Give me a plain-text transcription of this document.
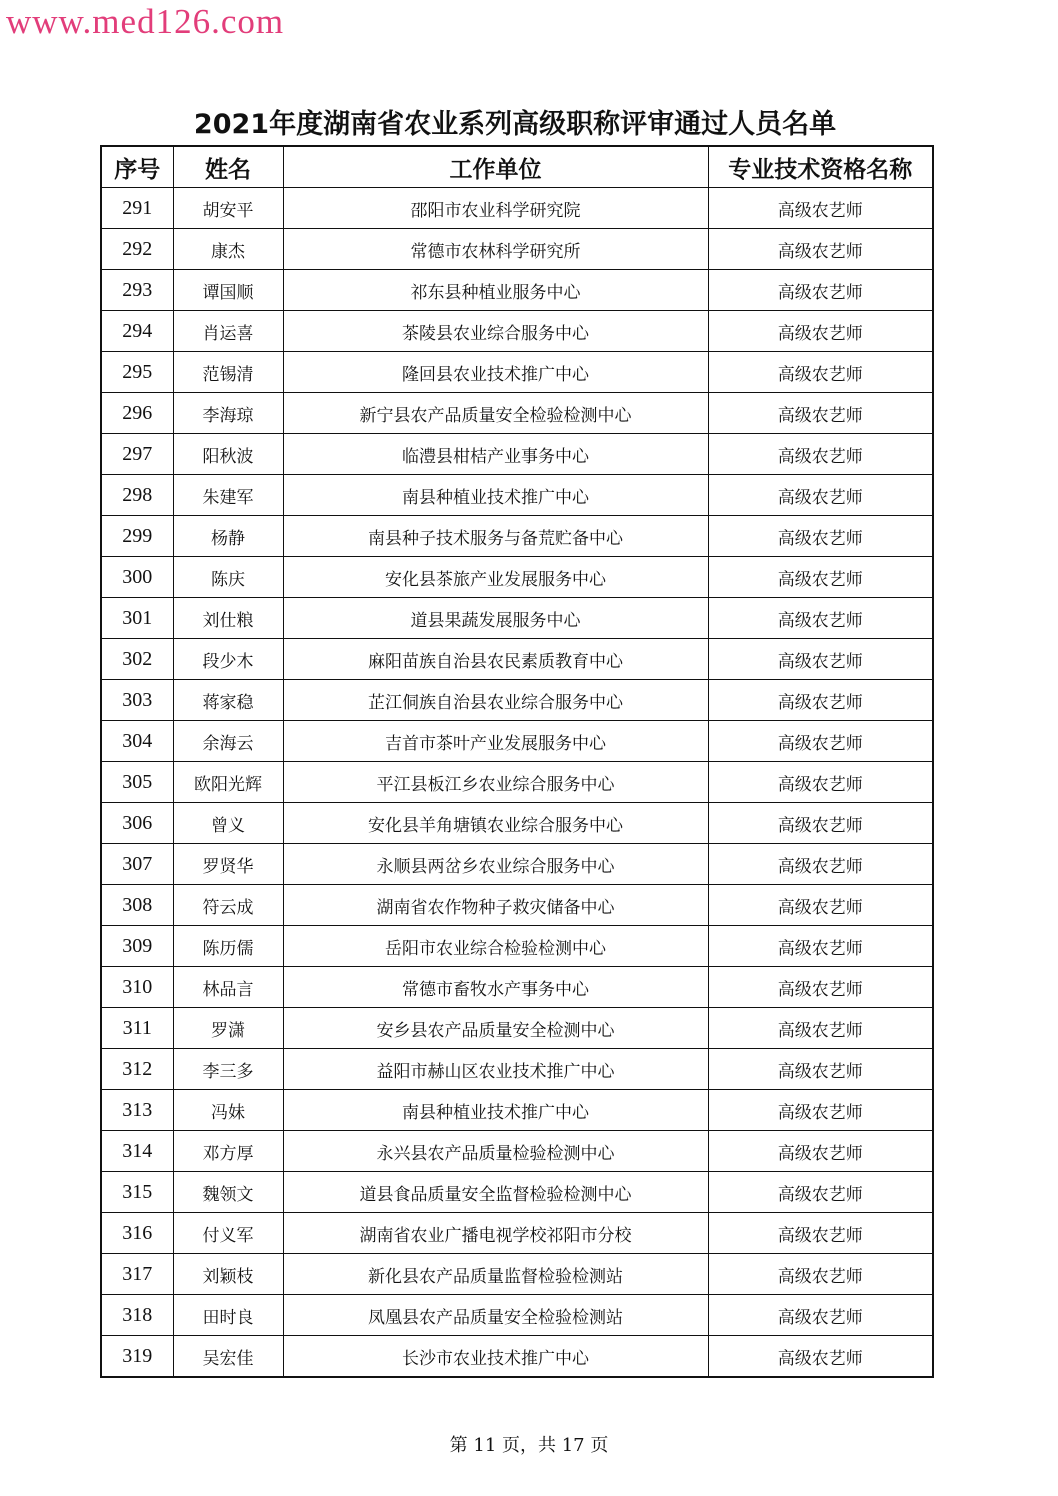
www.med126.com
2021年度湖南省农业系列高级职称评审通过人员名单
序号	姓名	工作单位	专业技术资格名称
291	胡安平	邵阳市农业科学研究院	高级农艺师
292	康杰	常德市农林科学研究所	高级农艺师
293	谭国顺	祁东县种植业服务中心	高级农艺师
294	肖运喜	茶陵县农业综合服务中心	高级农艺师
295	范锡清	隆回县农业技术推广中心	高级农艺师
296	李海琼	新宁县农产品质量安全检验检测中心	高级农艺师
297	阳秋波	临澧县柑桔产业事务中心	高级农艺师
298	朱建军	南县种植业技术推广中心	高级农艺师
299	杨静	南县种子技术服务与备荒贮备中心	高级农艺师
300	陈庆	安化县茶旅产业发展服务中心	高级农艺师
301	刘仕粮	道县果蔬发展服务中心	高级农艺师
302	段少木	麻阳苗族自治县农民素质教育中心	高级农艺师
303	蒋家稳	芷江侗族自治县农业综合服务中心	高级农艺师
304	余海云	吉首市茶叶产业发展服务中心	高级农艺师
305	欧阳光辉	平江县板江乡农业综合服务中心	高级农艺师
306	曾义	安化县羊角塘镇农业综合服务中心	高级农艺师
307	罗贤华	永顺县两岔乡农业综合服务中心	高级农艺师
308	符云成	湖南省农作物种子救灾储备中心	高级农艺师
309	陈历儒	岳阳市农业综合检验检测中心	高级农艺师
310	林品言	常德市畜牧水产事务中心	高级农艺师
311	罗潇	安乡县农产品质量安全检测中心	高级农艺师
312	李三多	益阳市赫山区农业技术推广中心	高级农艺师
313	冯妹	南县种植业技术推广中心	高级农艺师
314	邓方厚	永兴县农产品质量检验检测中心	高级农艺师
315	魏领文	道县食品质量安全监督检验检测中心	高级农艺师
316	付义军	湖南省农业广播电视学校祁阳市分校	高级农艺师
317	刘颖枝	新化县农产品质量监督检验检测站	高级农艺师
318	田时良	凤凰县农产品质量安全检验检测站	高级农艺师
319	吴宏佳	长沙市农业技术推广中心	高级农艺师
第 11 页，共 17 页
